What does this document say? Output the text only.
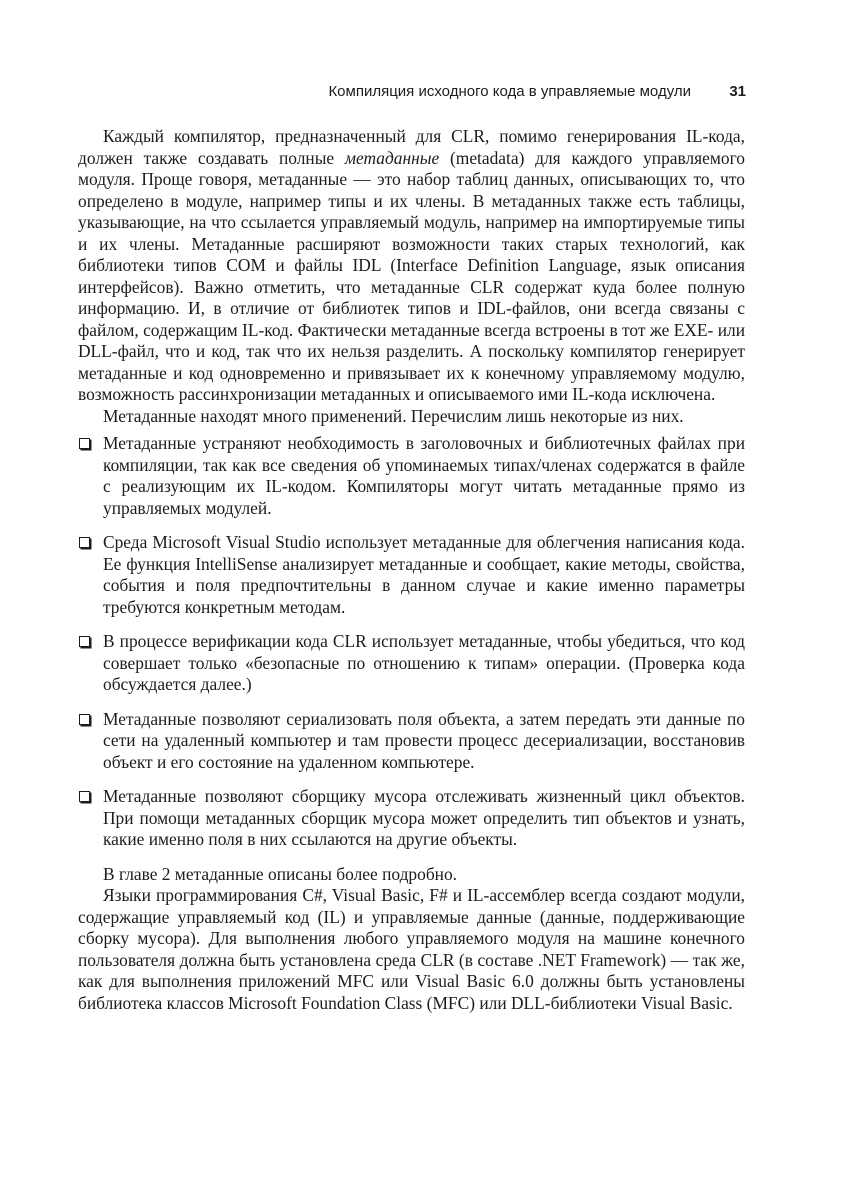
Компиляция исходного кода в управляемые модули	31

Каждый компилятор, предназначенный для CLR, помимо генерирования IL-кода, должен также создавать полные метаданные (metadata) для каждого управляемого модуля. Проще говоря, метаданные — это набор таблиц данных, описывающих то, что определено в модуле, например типы и их члены. В метаданных также есть таблицы, указывающие, на что ссылается управляемый модуль, например на импортируемые типы и их члены. Метаданные расширяют возможности таких старых технологий, как библиотеки типов COM и файлы IDL (Interface Definition Language, язык описания интерфейсов). Важно отметить, что метаданные CLR содержат куда более полную информацию. И, в отличие от библиотек типов и IDL-файлов, они всегда связаны с файлом, содержащим IL-код. Фактически метаданные всегда встроены в тот же EXE- или DLL-файл, что и код, так что их нельзя разделить. А поскольку компилятор генерирует метаданные и код одновременно и привязывает их к конечному управляемому модулю, возможность рассинхронизации метаданных и описываемого ими IL-кода исключена.

Метаданные находят много применений. Перечислим лишь некоторые из них.

Метаданные устраняют необходимость в заголовочных и библиотечных файлах при компиляции, так как все сведения об упоминаемых типах/членах содержатся в файле с реализующим их IL-кодом. Компиляторы могут читать метаданные прямо из управляемых модулей.
Среда Microsoft Visual Studio использует метаданные для облегчения написания кода. Ее функция IntelliSense анализирует метаданные и сообщает, какие методы, свойства, события и поля предпочтительны в данном случае и какие именно параметры требуются конкретным методам.
В процессе верификации кода CLR использует метаданные, чтобы убедиться, что код совершает только «безопасные по отношению к типам» операции. (Проверка кода обсуждается далее.)
Метаданные позволяют сериализовать поля объекта, а затем передать эти данные по сети на удаленный компьютер и там провести процесс десериализации, восстановив объект и его состояние на удаленном компьютере.
Метаданные позволяют сборщику мусора отслеживать жизненный цикл объектов. При помощи метаданных сборщик мусора может определить тип объектов и узнать, какие именно поля в них ссылаются на другие объекты.

В главе 2 метаданные описаны более подробно.

Языки программирования C#, Visual Basic, F# и IL-ассемблер всегда создают модули, содержащие управляемый код (IL) и управляемые данные (данные, поддерживающие сборку мусора). Для выполнения любого управляемого модуля на машине конечного пользователя должна быть установлена среда CLR (в составе .NET Framework) — так же, как для выполнения приложений MFC или Visual Basic 6.0 должны быть установлены библиотека классов Microsoft Foundation Class (MFC) или DLL-библиотеки Visual Basic.
